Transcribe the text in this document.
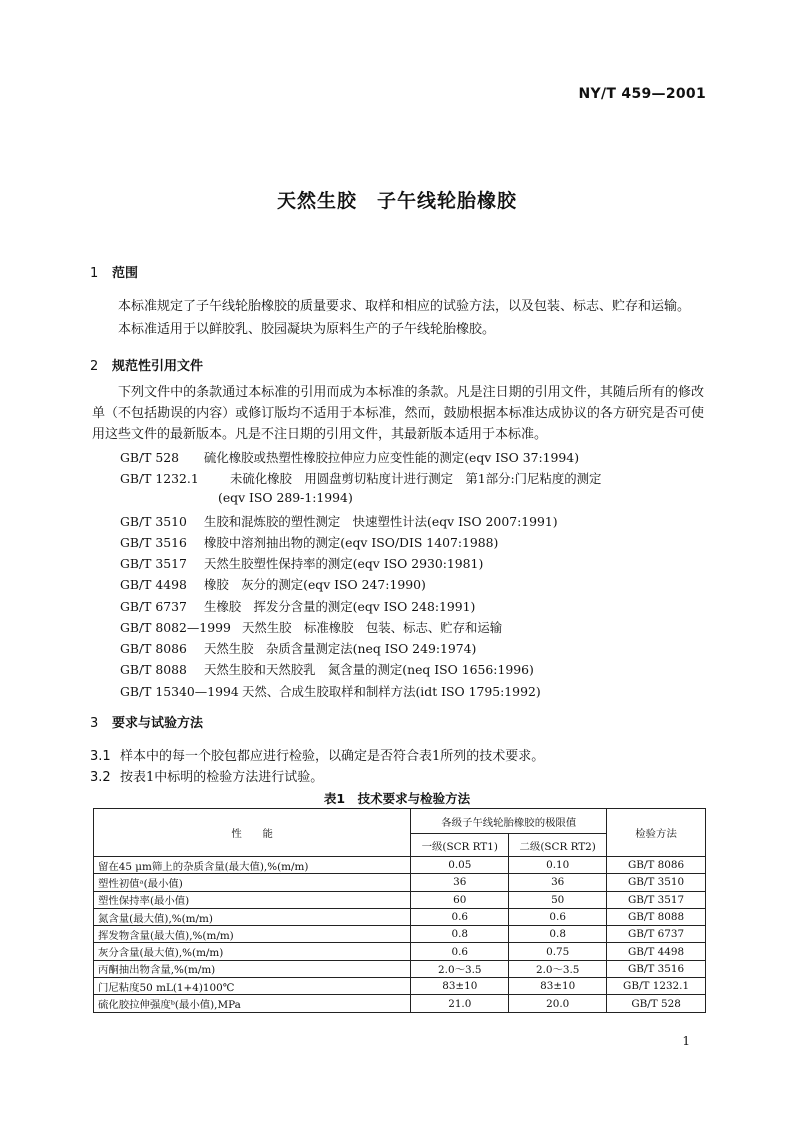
NY/T 459—2001
天然生胶　子午线轮胎橡胶
1 范围
本标准规定了子午线轮胎橡胶的质量要求、取样和相应的试验方法，以及包装、标志、贮存和运输。
本标准适用于以鲜胶乳、胶园凝块为原料生产的子午线轮胎橡胶。
2 规范性引用文件
下列文件中的条款通过本标准的引用而成为本标准的条款。凡是注日期的引用文件，其随后所有的修改单（不包括勘误的内容）或修订版均不适用于本标准，然而，鼓励根据本标准达成协议的各方研究是否可使用这些文件的最新版本。凡是不注日期的引用文件，其最新版本适用于本标准。
GB/T 528 硫化橡胶或热塑性橡胶拉伸应力应变性能的测定(eqv ISO 37:1994)
GB/T 1232.1	未硫化橡胶　用圆盘剪切粘度计进行测定　第1部分:门尼粘度的测定
(eqv ISO 289-1:1994)
GB/T 3510 生胶和混炼胶的塑性测定　快速塑性计法(eqv ISO 2007:1991)
GB/T 3516 橡胶中溶剂抽出物的测定(eqv ISO/DIS 1407:1988)
GB/T 3517 天然生胶塑性保持率的测定(eqv ISO 2930:1981)
GB/T 4498 橡胶　灰分的测定(eqv ISO 247:1990)
GB/T 6737 生橡胶　挥发分含量的测定(eqv ISO 248:1991)
GB/T 8082—1999 天然生胶　标准橡胶　包装、标志、贮存和运输
GB/T 8086 天然生胶　杂质含量测定法(neq ISO 249:1974)
GB/T 8088 天然生胶和天然胶乳　氮含量的测定(neq ISO 1656:1996)
GB/T 15340—1994 天然、合成生胶取样和制样方法(idt ISO 1795:1992)
3 要求与试验方法
3.1 样本中的每一个胶包都应进行检验，以确定是否符合表1所列的技术要求。
3.2 按表1中标明的检验方法进行试验。
表1　技术要求与检验方法
性　　能	各级子午线轮胎橡胶的极限值		检验方法
	一级(SCR RT1)	二级(SCR RT2)	
留在45 μm筛上的杂质含量(最大值),%(m/m)	0.05	0.10	GB/T 8086
塑性初值ᵃ(最小值)	36	36	GB/T 3510
塑性保持率(最小值)	60	50	GB/T 3517
氮含量(最大值),%(m/m)	0.6	0.6	GB/T 8088
挥发物含量(最大值),%(m/m)	0.8	0.8	GB/T 6737
灰分含量(最大值),%(m/m)	0.6	0.75	GB/T 4498
丙酮抽出物含量,%(m/m)	2.0～3.5	2.0～3.5	GB/T 3516
门尼粘度50 mL(1+4)100℃	83±10	83±10	GB/T 1232.1
硫化胶拉伸强度ᵇ(最小值),MPa	21.0	20.0	GB/T 528
1
